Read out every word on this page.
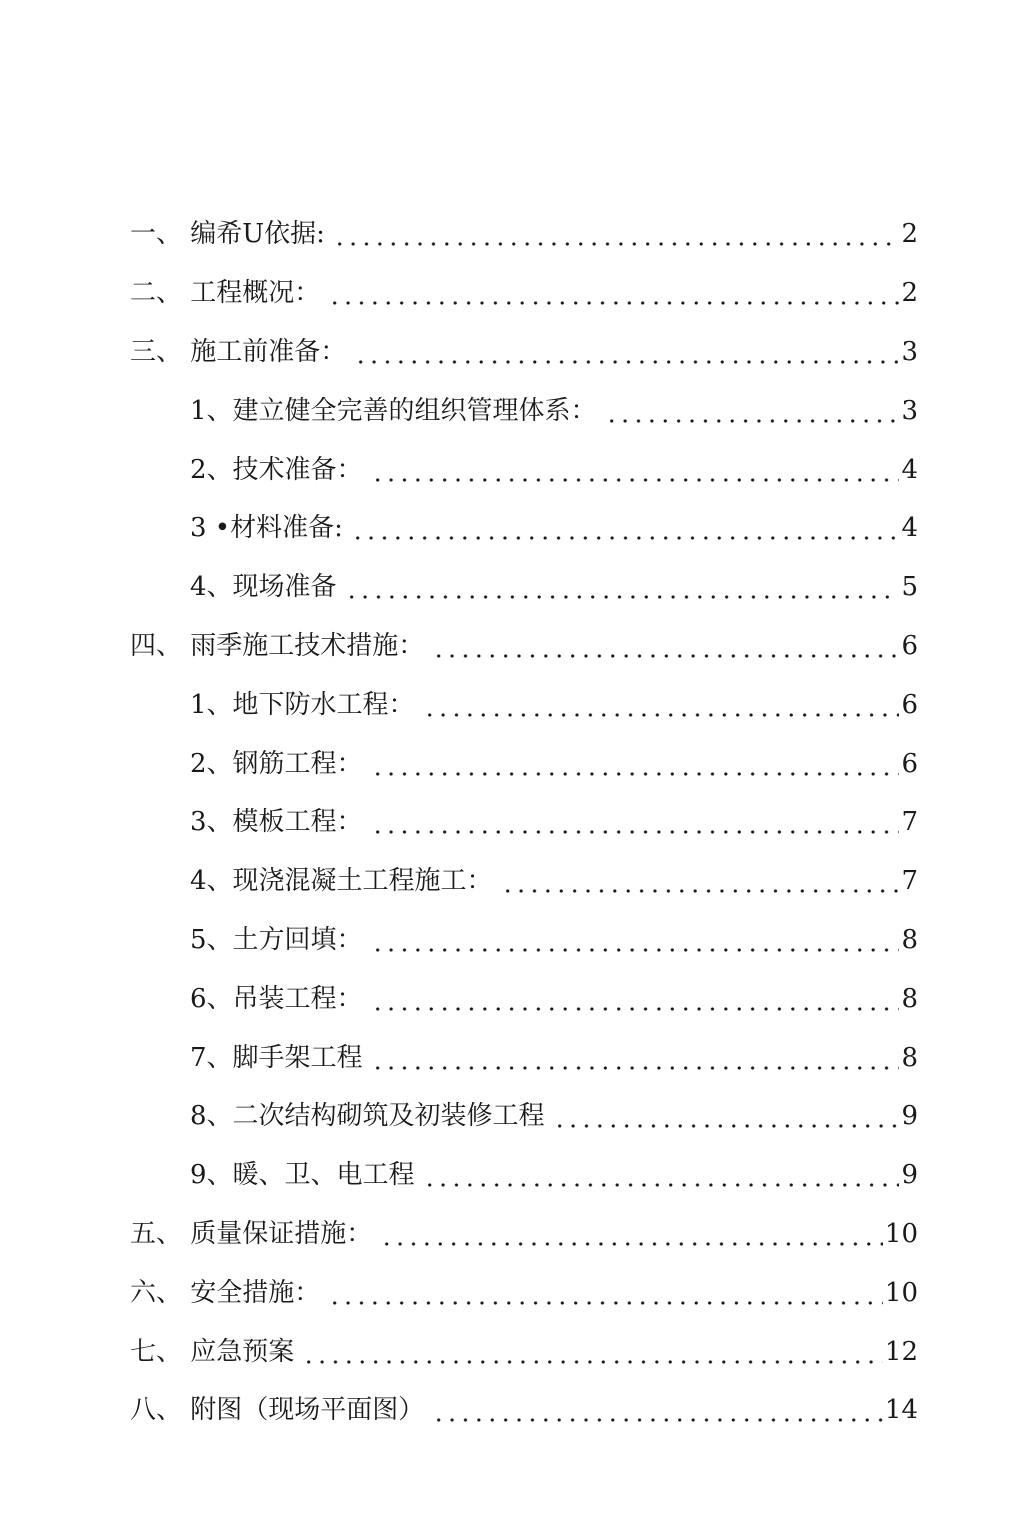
一、 编希U依据:	2
二、 工程概况：	2
三、 施工前准备：	3
1、建立健全完善的组织管理体系：	3
2、技术准备：	4
3 •材料准备:	4
4、现场准备	5
四、 雨季施工技术措施：	6
1、地下防水工程：	6
2、钢筋工程：	6
3、模板工程：	7
4、现浇混凝土工程施工：	7
5、土方回填：	8
6、吊装工程：	8
7、脚手架工程	8
8、二次结构砌筑及初装修工程	9
9、暖、卫、电工程	9
五、 质量保证措施：	10
六、 安全措施：	10
七、 应急预案	12
八、 附图（现场平面图）	14
